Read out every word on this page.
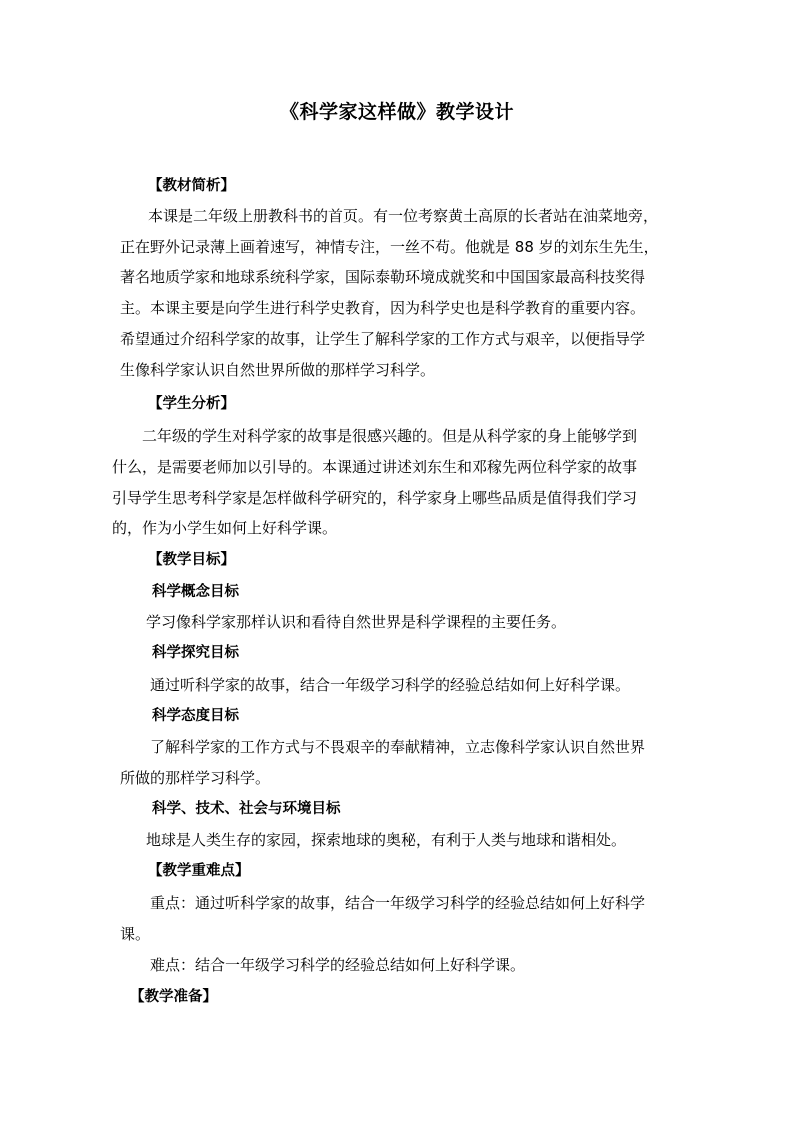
《科学家这样做》教学设计
【教材简析】
本课是二年级上册教科书的首页。有一位考察黄土高原的长者站在油菜地旁，
正在野外记录薄上画着速写，神情专注，一丝不苟。他就是 88 岁的刘东生先生，
著名地质学家和地球系统科学家，国际泰勒环境成就奖和中国国家最高科技奖得
主。本课主要是向学生进行科学史教育，因为科学史也是科学教育的重要内容。
希望通过介绍科学家的故事，让学生了解科学家的工作方式与艰辛，以便指导学
生像科学家认识自然世界所做的那样学习科学。
【学生分析】
二年级的学生对科学家的故事是很感兴趣的。但是从科学家的身上能够学到
什么，是需要老师加以引导的。本课通过讲述刘东生和邓稼先两位科学家的故事
引导学生思考科学家是怎样做科学研究的，科学家身上哪些品质是值得我们学习
的，作为小学生如何上好科学课。
【教学目标】
科学概念目标
学习像科学家那样认识和看待自然世界是科学课程的主要任务。
科学探究目标
通过听科学家的故事，结合一年级学习科学的经验总结如何上好科学课。
科学态度目标
了解科学家的工作方式与不畏艰辛的奉献精神，立志像科学家认识自然世界
所做的那样学习科学。
科学、技术、社会与环境目标
地球是人类生存的家园，探索地球的奥秘，有利于人类与地球和谐相处。
【教学重难点】
重点：通过听科学家的故事，结合一年级学习科学的经验总结如何上好科学
课。
难点：结合一年级学习科学的经验总结如何上好科学课。
【教学准备】
